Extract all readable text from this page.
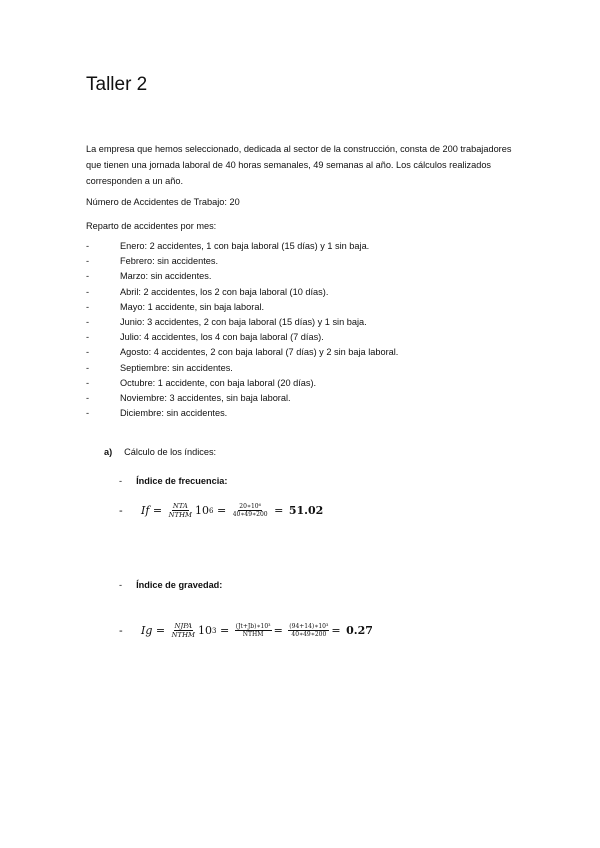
Taller 2
La empresa que hemos seleccionado, dedicada al sector de la construcción, consta de 200 trabajadores que tienen una jornada laboral de 40 horas semanales, 49 semanas al año. Los cálculos realizados corresponden a un año.
Número de Accidentes de Trabajo: 20
Reparto de accidentes por mes:
-	Enero: 2 accidentes, 1 con baja laboral (15 días) y 1 sin baja.
-	Febrero: sin accidentes.
-	Marzo: sin accidentes.
-	Abril: 2 accidentes, los 2 con baja laboral (10 días).
-	Mayo: 1 accidente, sin baja laboral.
-	Junio: 3 accidentes, 2 con baja laboral (15 días) y 1 sin baja.
-	Julio: 4 accidentes, los 4 con baja laboral (7 días).
-	Agosto: 4 accidentes, 2 con baja laboral (7 días) y 2 sin baja laboral.
-	Septiembre: sin accidentes.
-	Octubre: 1 accidente, con baja laboral (20 días).
-	Noviembre: 3 accidentes, sin baja laboral.
-	Diciembre: sin accidentes.
a) Cálculo de los índices:
- Índice de frecuencia:
-	$If = \frac{\text{NTA}}{\text{NTHM}} 10$ $6 = \frac{\text{20∗10⁶}}{40∗49∗200} = 51.02$
- Índice de gravedad:
-	$Ig = \frac{\text{NJPA}}{\text{NTHM}} 10$ $3 = \frac{\text{(Jt+Jb)∗10³}}{\text{NTHM}} = \frac{\text{(94+14)∗10³}}{40∗49∗200} = 0.27$
